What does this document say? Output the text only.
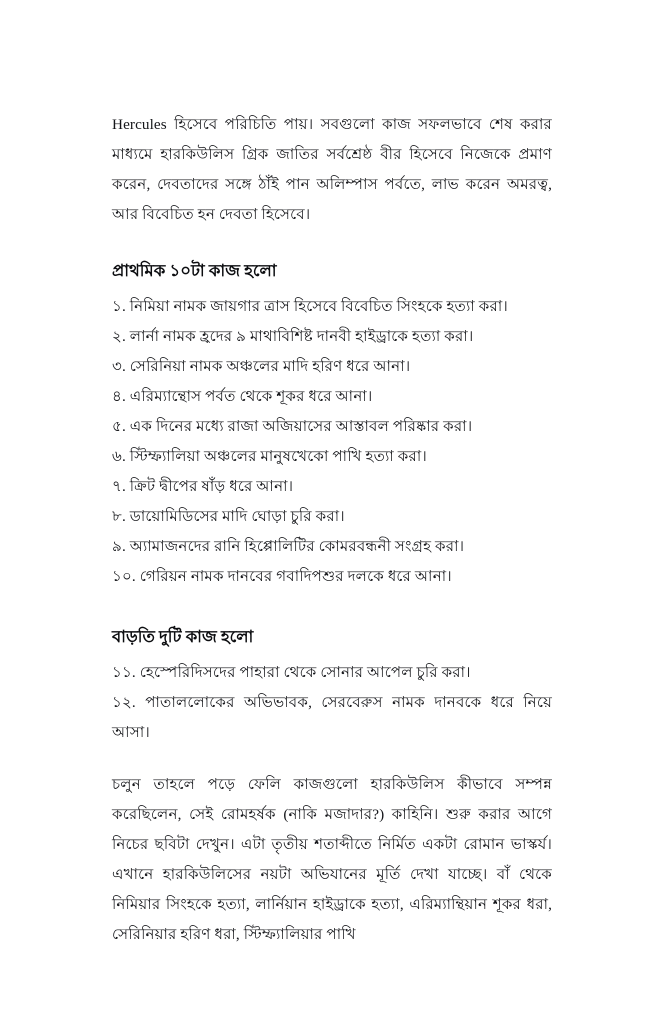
Hercules হিসেবে পরিচিতি পায়। সবগুলো কাজ সফলভাবে শেষ করার মাধ্যমে হারকিউলিস গ্রিক জাতির সর্বশ্রেষ্ঠ বীর হিসেবে নিজেকে প্রমাণ করেন, দেবতাদের সঙ্গে ঠাঁই পান অলিম্পাস পর্বতে, লাভ করেন অমরত্ব, আর বিবেচিত হন দেবতা হিসেবে।

প্রাথমিক ১০টা কাজ হলো

১. নিমিয়া নামক জায়গার ত্রাস হিসেবে বিবেচিত সিংহকে হত্যা করা।

২. লার্না নামক হ্রদের ৯ মাথাবিশিষ্ট দানবী হাইড্রাকে হত্যা করা।

৩. সেরিনিয়া নামক অঞ্চলের মাদি হরিণ ধরে আনা।

৪. এরিম্যান্থোস পর্বত থেকে শূকর ধরে আনা।

৫. এক দিনের মধ্যে রাজা অজিয়াসের আস্তাবল পরিষ্কার করা।

৬. স্টিম্ফ্যালিয়া অঞ্চলের মানুষখেকো পাখি হত্যা করা।

৭. ক্রিট দ্বীপের ষাঁড় ধরে আনা।

৮. ডায়োমিডিসের মাদি ঘোড়া চুরি করা।

৯. অ্যামাজনদের রানি হিপ্পোলিটির কোমরবন্ধনী সংগ্রহ করা।

১০. গেরিয়ন নামক দানবের গবাদিপশুর দলকে ধরে আনা।

বাড়তি দুটি কাজ হলো

১১. হেস্পেরিদিসদের পাহারা থেকে সোনার আপেল চুরি করা।

১২. পাতাললোকের অভিভাবক, সেরবেরুস নামক দানবকে ধরে নিয়ে আসা।

চলুন তাহলে পড়ে ফেলি কাজগুলো হারকিউলিস কীভাবে সম্পন্ন করেছিলেন, সেই রোমহর্ষক (নাকি মজাদার?) কাহিনি। শুরু করার আগে নিচের ছবিটা দেখুন। এটা তৃতীয় শতাব্দীতে নির্মিত একটা রোমান ভাস্কর্য। এখানে হারকিউলিসের নয়টা অভিযানের মূর্তি দেখা যাচ্ছে। বাঁ থেকে নিমিয়ার সিংহকে হত্যা, লার্নিয়ান হাইড্রাকে হত্যা, এরিম্যান্থিয়ান শূকর ধরা, সেরিনিয়ার হরিণ ধরা, স্টিম্ফ্যালিয়ার পাখি
